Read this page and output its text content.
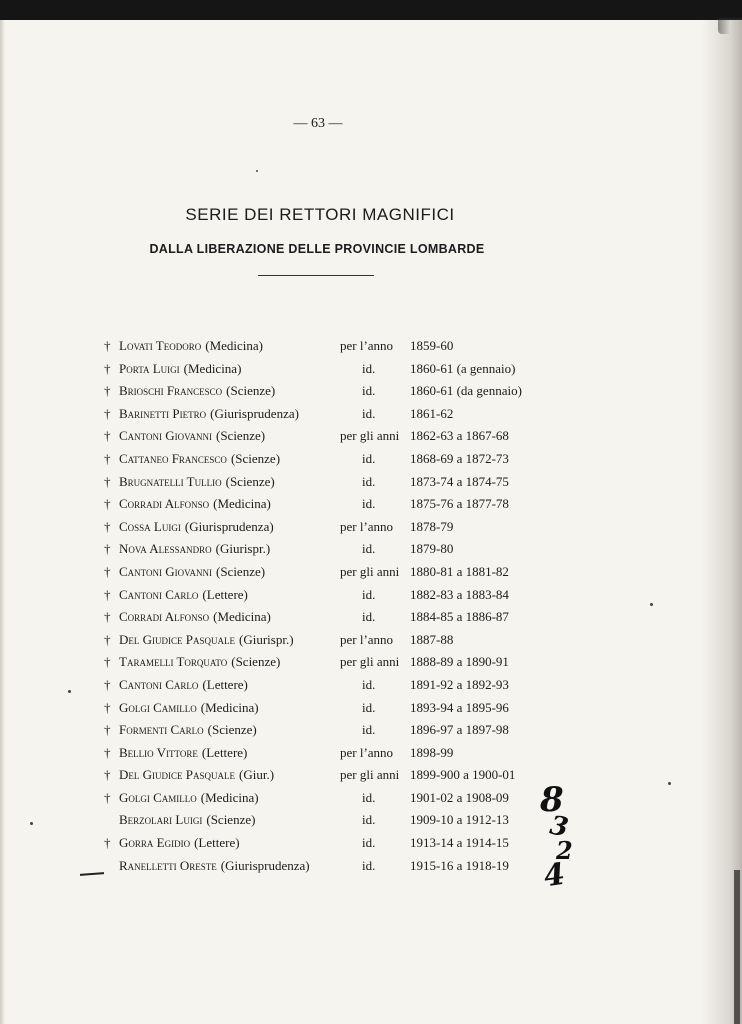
— 63 —
SERIE DEI RETTORI MAGNIFICI
DALLA LIBERAZIONE DELLE PROVINCIE LOMBARDE
† Lovati Teodoro (Medicina)	per l’anno 1859-60
† Porta Luigi (Medicina)	id.	1860-61 (a gennaio)
† Brioschi Francesco (Scienze)	id.	1860-61 (da gennaio)
† Barinetti Pietro (Giurisprudenza)	id.	1861-62
† Cantoni Giovanni (Scienze)	per gli anni 1862-63 a 1867-68
† Cattaneo Francesco (Scienze)	id.	1868-69 a 1872-73
† Brugnatelli Tullio (Scienze)	id.	1873-74 a 1874-75
† Corradi Alfonso (Medicina)	id.	1875-76 a 1877-78
† Cossa Luigi (Giurisprudenza)	per l’anno 1878-79
† Nova Alessandro (Giurispr.)	id.	1879-80
† Cantoni Giovanni (Scienze)	per gli anni 1880-81 a 1881-82
† Cantoni Carlo (Lettere)	id.	1882-83 a 1883-84
† Corradi Alfonso (Medicina)	id.	1884-85 a 1886-87
† Del Giudice Pasquale (Giurispr.)	per l’anno 1887-88
† Taramelli Torquato (Scienze)	per gli anni 1888-89 a 1890-91
† Cantoni Carlo (Lettere)	id.	1891-92 a 1892-93
† Golgi Camillo (Medicina)	id.	1893-94 a 1895-96
† Formenti Carlo (Scienze)	id.	1896-97 a 1897-98
† Bellio Vittore (Lettere)	per l’anno 1898-99
† Del Giudice Pasquale (Giur.)	per gli anni 1899-900 a 1900-01
† Golgi Camillo (Medicina)	id.	1901-02 a 1908-09
Berzolari Luigi (Scienze)	id.	1909-10 a 1912-13
† Gorra Egidio (Lettere)	id.	1913-14 a 1914-15
Ranelletti Oreste (Giurisprudenza)	id.	1915-16 a 1918-19
8
3
2
4
